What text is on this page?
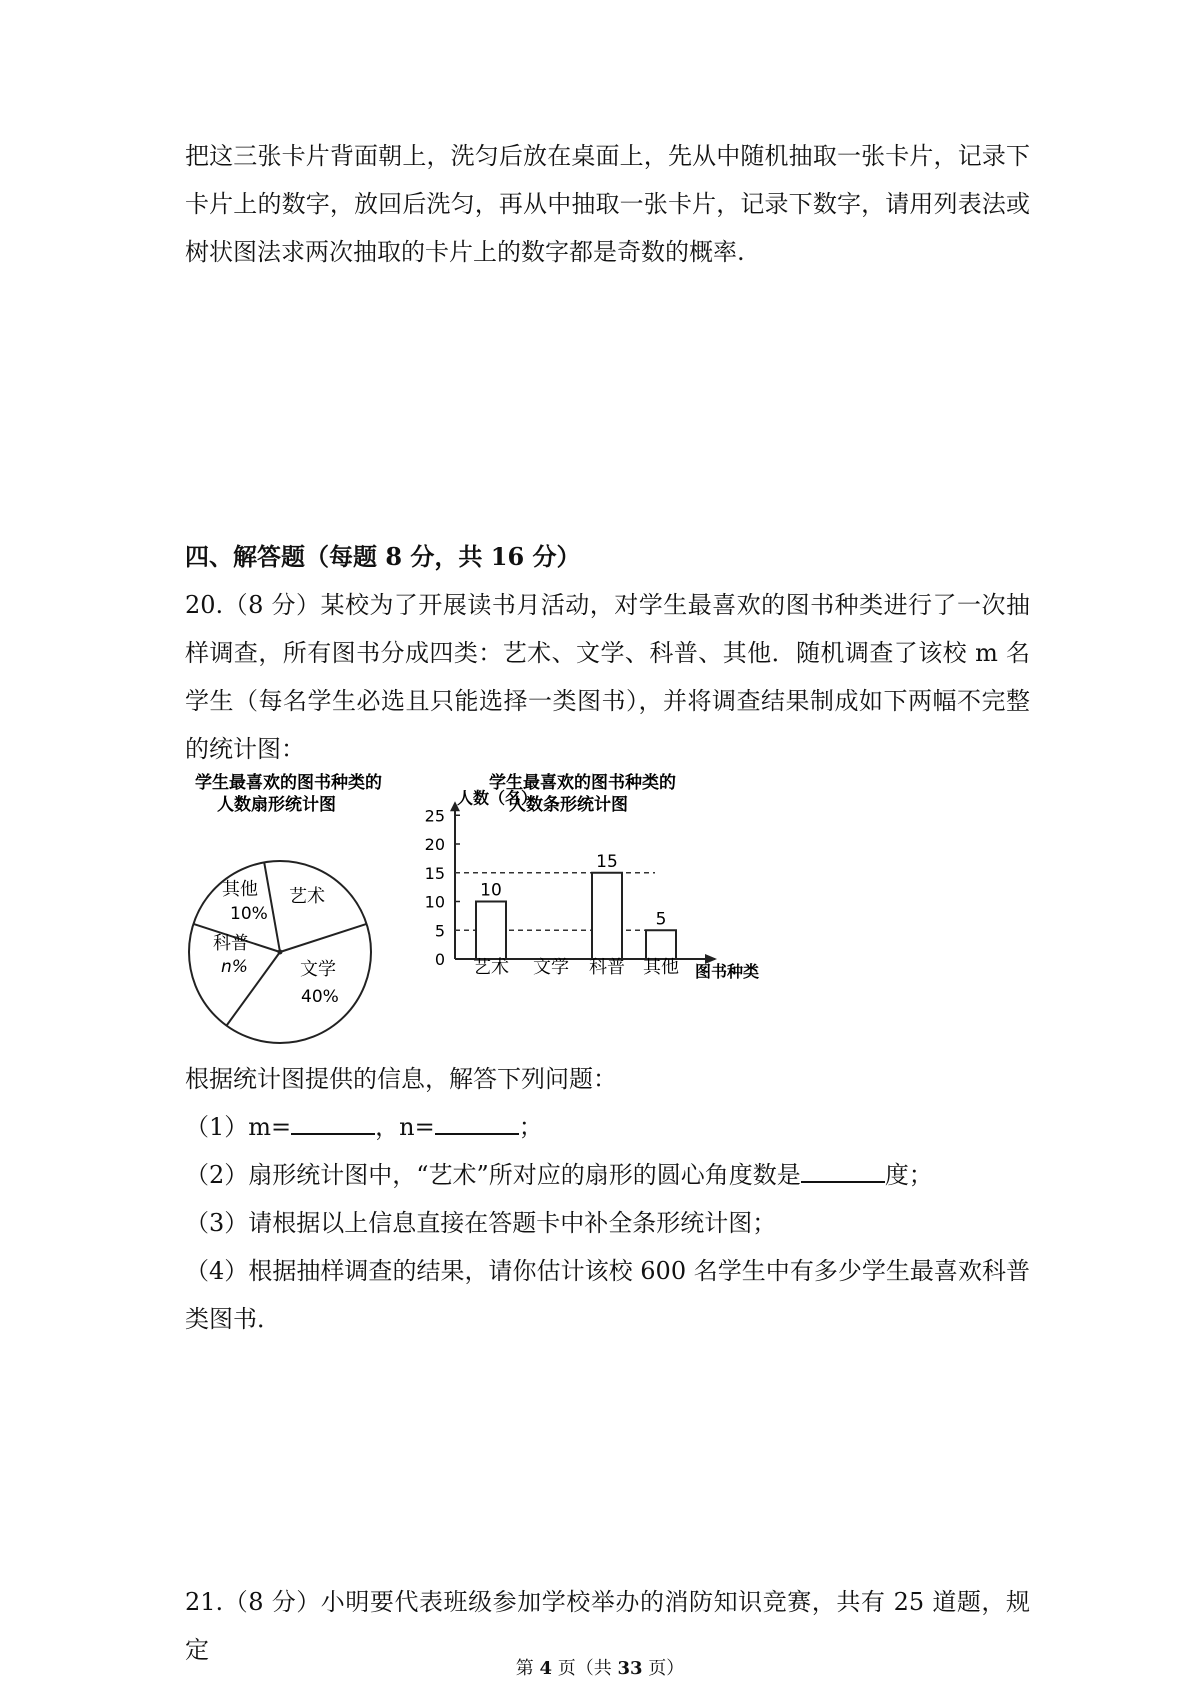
把这三张卡片背面朝上，洗匀后放在桌面上，先从中随机抽取一张卡片，记录下
卡片上的数字，放回后洗匀，再从中抽取一张卡片，记录下数字，请用列表法或
树状图法求两次抽取的卡片上的数字都是奇数的概率.
四、解答题（每题 8 分，共 16 分）
20.（8 分）某校为了开展读书月活动，对学生最喜欢的图书种类进行了一次抽
样调查，所有图书分成四类：艺术、文学、科普、其他．随机调查了该校 m 名
学生（每名学生必选且只能选择一类图书），并将调查结果制成如下两幅不完整
的统计图：
学生最喜欢的图书种类的
人数扇形统计图
艺术
文学
40%
科普
n%
其他
10%
学生最喜欢的图书种类的
人数条形统计图
人数（名）
图书种类
0
5
10
15
20
25
10
艺术 文学
15
科普
5
其他
根据统计图提供的信息，解答下列问题：
（1）m=	，n=	；
（2）扇形统计图中，“艺术”所对应的扇形的圆心角度数是	度；
（3）请根据以上信息直接在答题卡中补全条形统计图；
（4）根据抽样调查的结果，请你估计该校 600 名学生中有多少学生最喜欢科普
类图书．
21.（8 分）小明要代表班级参加学校举办的消防知识竞赛，共有 25 道题，规定
第 4 页（共 33 页）
